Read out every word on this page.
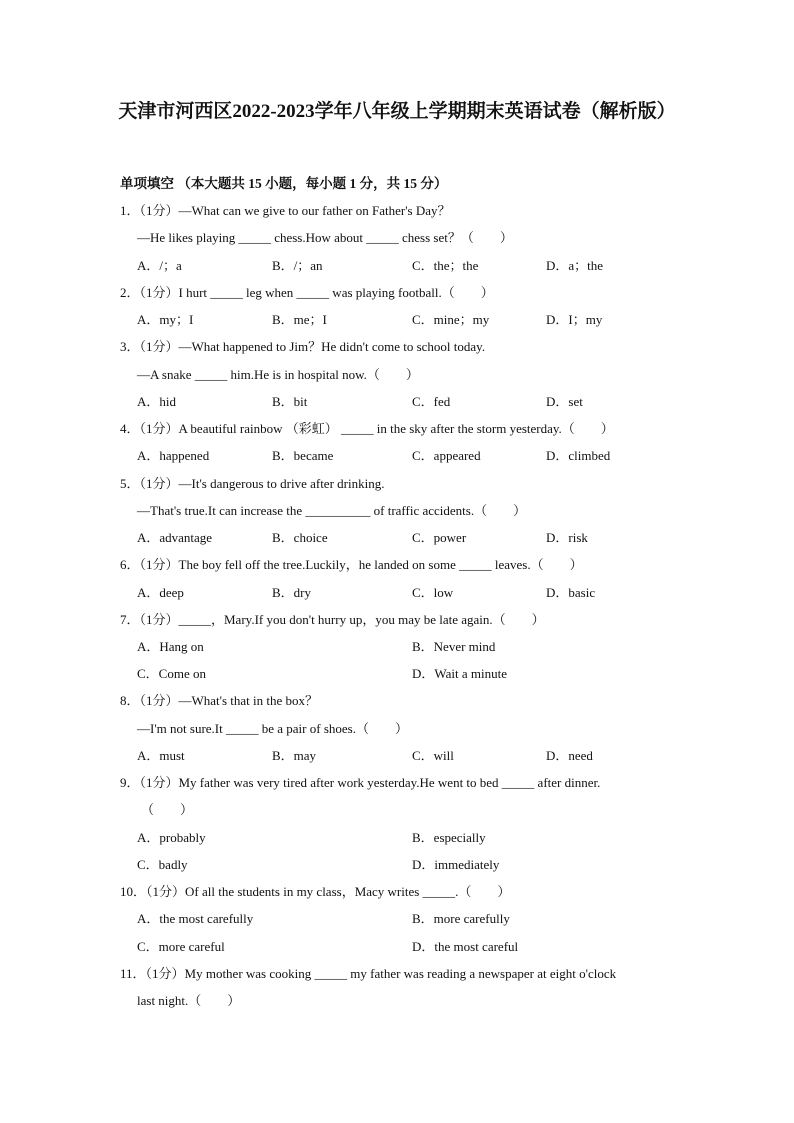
天津市河西区2022-2023学年八年级上学期期末英语试卷（解析版）
单项填空 （本大题共 15 小题，每小题 1 分，共 15 分）
1．（1分）—What can we give to our father on Father's Day？
—He likes playing _____ chess.How about _____ chess set？（　　）
A．/；a	B．/；an	C．the；the	D．a；the
2．（1分）I hurt _____ leg when _____ was playing football.（　　）
A．my；I	B．me；I	C．mine；my	D．I；my
3．（1分）—What happened to Jim？He didn't come to school today.
—A snake _____ him.He is in hospital now.（　　）
A．hid	B．bit	C．fed	D．set
4．（1分）A beautiful rainbow （彩虹） _____ in the sky after the storm yesterday.（　　）
A．happened	B．became	C．appeared	D．climbed
5．（1分）—It's dangerous to drive after drinking.
—That's true.It can increase the __________ of traffic accidents.（　　）
A．advantage	B．choice	C．power	D．risk
6．（1分）The boy fell off the tree.Luckily，he landed on some _____ leaves.（　　）
A．deep	B．dry	C．low	D．basic
7．（1分）_____，Mary.If you don't hurry up，you may be late again.（　　）
A．Hang on	B．Never mind
C．Come on	D．Wait a minute
8．（1分）—What's that in the box？
—I'm not sure.It _____ be a pair of shoes.（　　）
A．must	B．may	C．will	D．need
9．（1分）My father was very tired after work yesterday.He went to bed _____ after dinner.
（　　）
A．probably	B．especially
C．badly	D．immediately
10．（1分）Of all the students in my class，Macy writes _____.（　　）
A．the most carefully	B．more carefully
C．more careful	D．the most careful
11．（1分）My mother was cooking _____ my father was reading a newspaper at eight o'clock
last night.（　　）
